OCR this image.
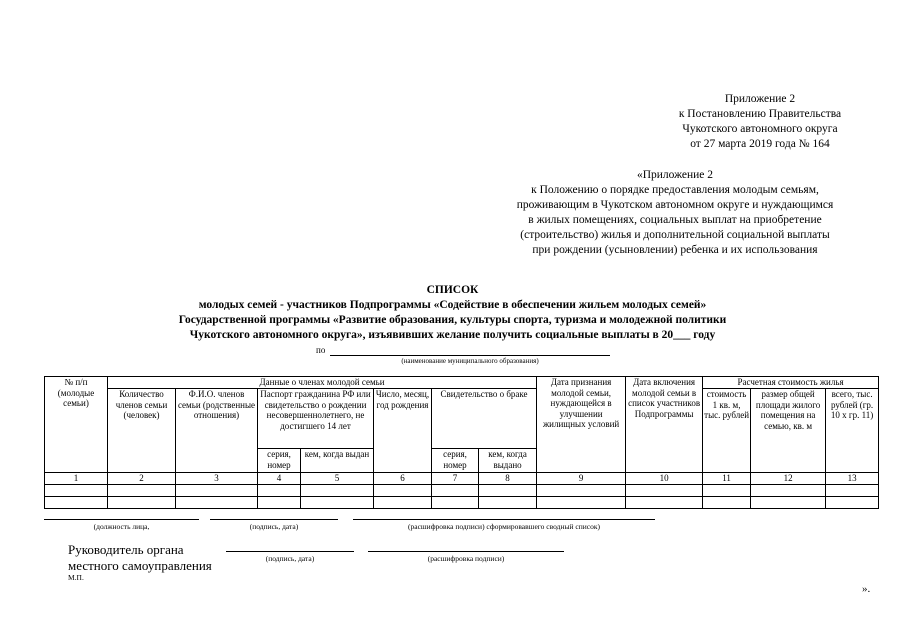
Приложение 2
к Постановлению Правительства
Чукотского автономного округа
от 27 марта 2019 года № 164
«Приложение 2
к Положению о порядке предоставления молодым семьям,
проживающим в Чукотском автономном округе и нуждающимся
в жилых помещениях, социальных выплат на приобретение
(строительство) жилья и дополнительной социальной выплаты
при рождении (усыновлении) ребенка и их использования
СПИСОК
молодых семей - участников Подпрограммы «Содействие в обеспечении жильем молодых семей»
Государственной программы «Развитие образования, культуры спорта, туризма и молодежной политики
Чукотского автономного округа», изъявивших желание получить социальные выплаты в 20___ году
по
(наименование муниципального образования)
№ п/п (молодые семьи)	Данные о членах молодой семьи							Дата признания молодой семьи, нуждающейся в улучшении жилищных условий	Дата включения молодой семьи в список участников Подпрограммы	Расчетная стоимость жилья		
	Количество членов семьи (человек)	Ф.И.О. членов семьи (родственные отношения)	Паспорт гражданина РФ или свидетельство о рождении несовершеннолетнего, не достигшего 14 лет		Число, месяц, год рождения	Свидетельство о браке				стоимость 1 кв. м, тыс. рублей	размер общей площади жилого помещения на семью, кв. м	всего, тыс. рублей (гр. 10 х гр. 11)
			серия, номер	кем, когда выдан		серия, номер	кем, когда выдано					
1	2	3	4	5	6	7	8	9	10	11	12	13

(должность лица,	(подпись, дата)	(расшифровка подписи) сформировавшего сводный список)
Руководитель органа
местного самоуправления
М.П.
(подпись, дата)	(расшифровка подписи)
».
